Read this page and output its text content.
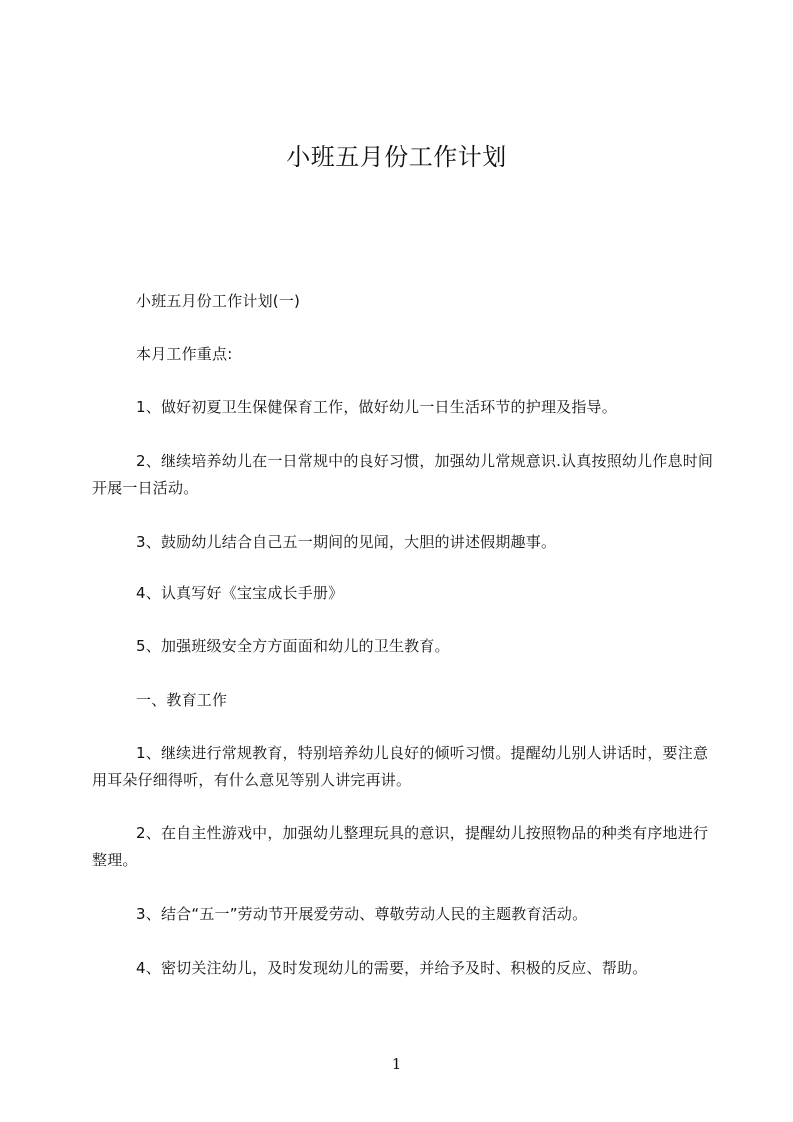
小班五月份工作计划
小班五月份工作计划(一)
本月工作重点:
1、做好初夏卫生保健保育工作，做好幼儿一日生活环节的护理及指导。
2、继续培养幼儿在一日常规中的良好习惯，加强幼儿常规意识.认真按照幼儿作息时间开展一日活动。
3、鼓励幼儿结合自己五一期间的见闻，大胆的讲述假期趣事。
4、认真写好《宝宝成长手册》
5、加强班级安全方方面面和幼儿的卫生教育。
一、教育工作
1、继续进行常规教育，特别培养幼儿良好的倾听习惯。提醒幼儿别人讲话时，要注意用耳朵仔细得听，有什么意见等别人讲完再讲。
2、在自主性游戏中，加强幼儿整理玩具的意识，提醒幼儿按照物品的种类有序地进行整理。
3、结合“五一”劳动节开展爱劳动、尊敬劳动人民的主题教育活动。
4、密切关注幼儿，及时发现幼儿的需要，并给予及时、积极的反应、帮助。
1
